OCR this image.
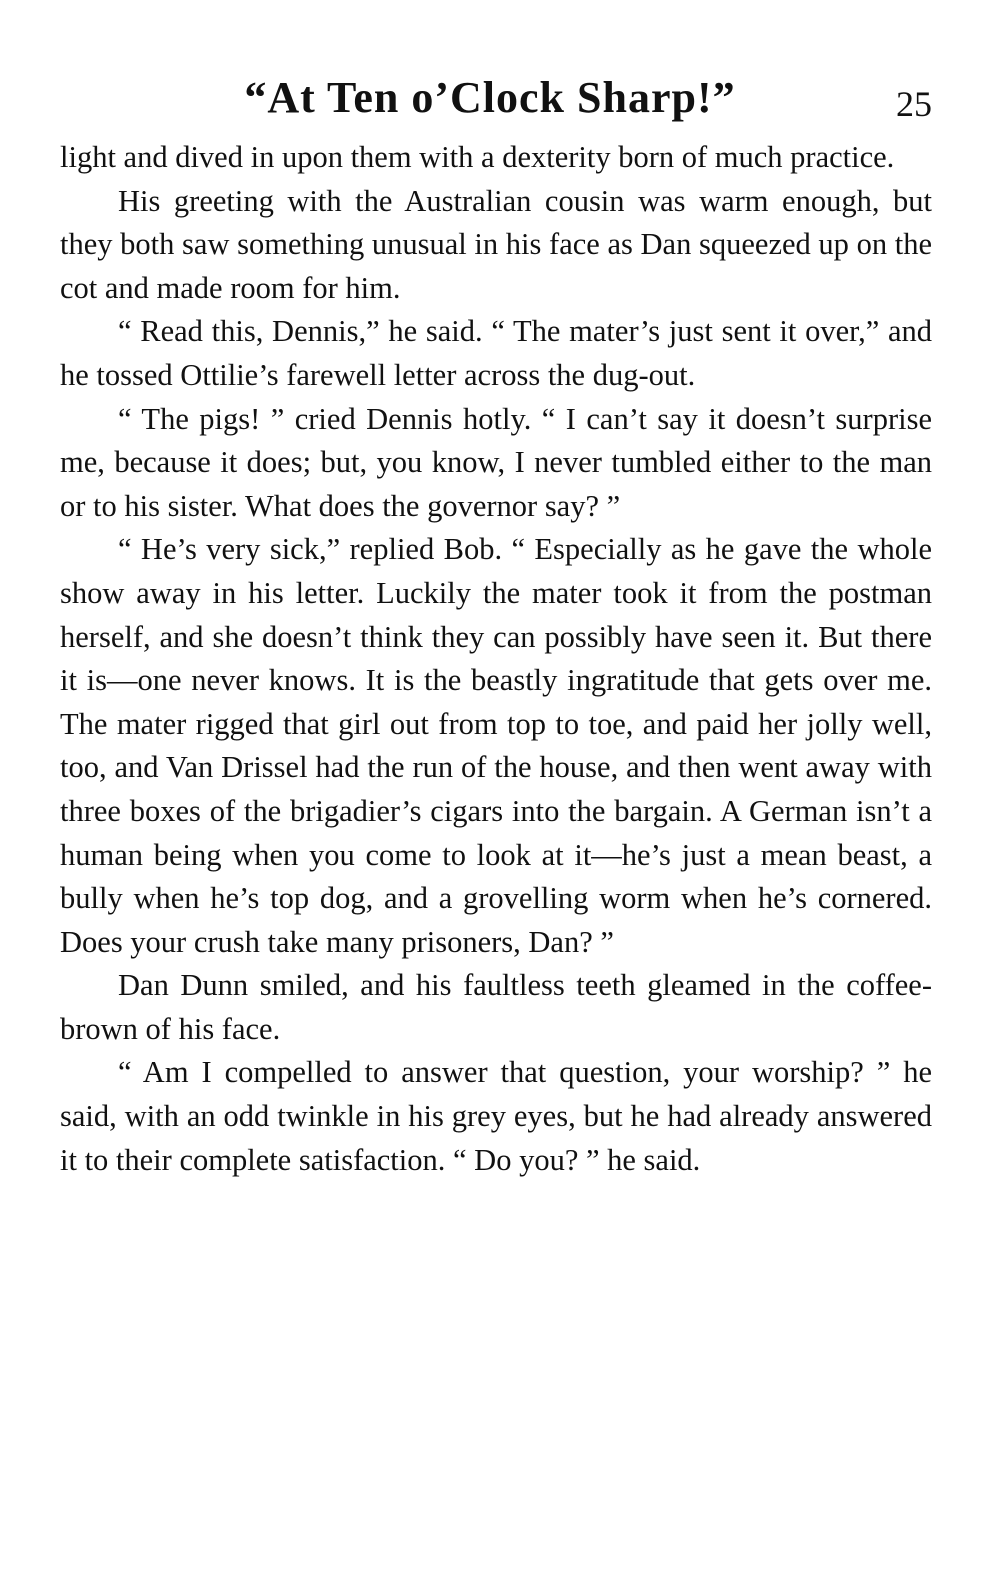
“At Ten o’Clock Sharp!”	25

light and dived in upon them with a dexterity born of much practice.

His greeting with the Australian cousin was warm enough, but they both saw something unusual in his face as Dan squeezed up on the cot and made room for him.

“ Read this, Dennis,” he said. “ The mater’s just sent it over,” and he tossed Ottilie’s farewell letter across the dug-out.

“ The pigs! ” cried Dennis hotly. “ I can’t say it doesn’t surprise me, because it does; but, you know, I never tumbled either to the man or to his sister. What does the governor say? ”

“ He’s very sick,” replied Bob. “ Especially as he gave the whole show away in his letter. Luckily the mater took it from the postman herself, and she doesn’t think they can possibly have seen it. But there it is—one never knows. It is the beastly ingratitude that gets over me. The mater rigged that girl out from top to toe, and paid her jolly well, too, and Van Drissel had the run of the house, and then went away with three boxes of the brigadier’s cigars into the bargain. A German isn’t a human being when you come to look at it—he’s just a mean beast, a bully when he’s top dog, and a grovelling worm when he’s cornered. Does your crush take many prisoners, Dan? ”

Dan Dunn smiled, and his faultless teeth gleamed in the coffee-brown of his face.

“ Am I compelled to answer that question, your worship? ” he said, with an odd twinkle in his grey eyes, but he had already answered it to their complete satisfaction. “ Do you? ” he said.
